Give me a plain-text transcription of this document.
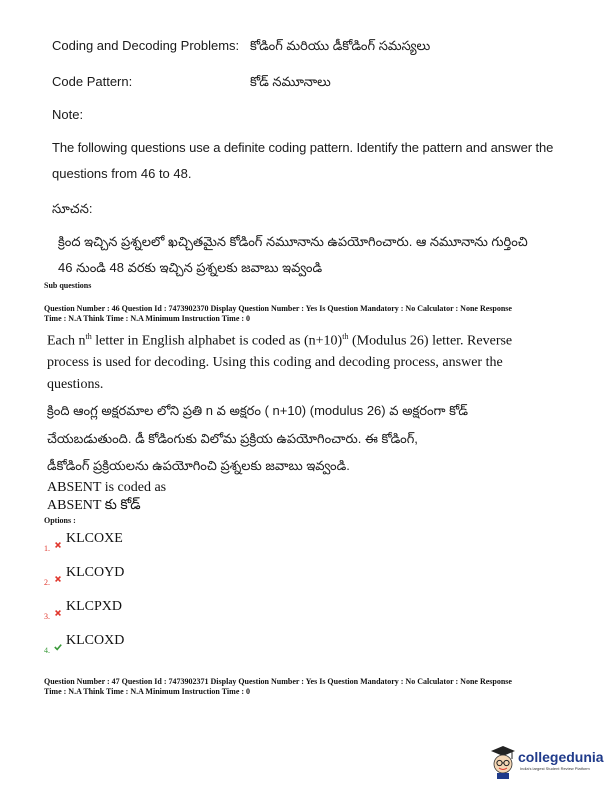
Coding and Decoding Problems: కోడింగ్ మరియు డీకోడింగ్ సమస్యలు
Code Pattern:	కోడ్ నమూనాలు
Note:
The following questions use a definite coding pattern. Identify the pattern and answer the
questions from 46 to 48.
సూచన:
క్రింద ఇచ్చిన ప్రశ్నలలో ఖచ్చితమైన కోడింగ్ నమూనాను ఉపయోగించారు. ఆ నమూనాను గుర్తించి
46 నుండి 48 వరకు ఇచ్చిన ప్రశ్నలకు జవాబు ఇవ్వండి
Sub questions
Question Number : 46 Question Id : 7473902370 Display Question Number : Yes Is Question Mandatory : No Calculator : None Response
Time : N.A Think Time : N.A Minimum Instruction Time : 0
Each $n^{th}$ letter in English alphabet is coded as $(n+10)^{th}$ (Modulus 26) letter. Reverse
process is used for decoding. Using this coding and decoding process, answer the
questions.
క్రింది ఆంగ్ల అక్షరమాల లోని ప్రతి n వ అక్షరం ( n+10) (modulus 26) వ అక్షరంగా కోడ్
చేయబడుతుంది. డీ కోడింగుకు విలోమ ప్రక్రియ ఉపయోగించారు. ఈ కోడింగ్,
డీకోడింగ్ ప్రక్రియలను ఉపయోగించి ప్రశ్నలకు జవాబు ఇవ్వండి.
ABSENT is coded as
ABSENT కు కోడ్
Options :
$_{1.}$  KLCOXE
$_{2.}$  KLCOYD
$_{3.}$  KLCPXD
$_{4.}$  KLCOXD
Question Number : 47 Question Id : 7473902371 Display Question Number : Yes Is Question Mandatory : No Calculator : None Response
Time : N.A Think Time : N.A Minimum Instruction Time : 0
collegedunia
India's largest Student Review Platform
